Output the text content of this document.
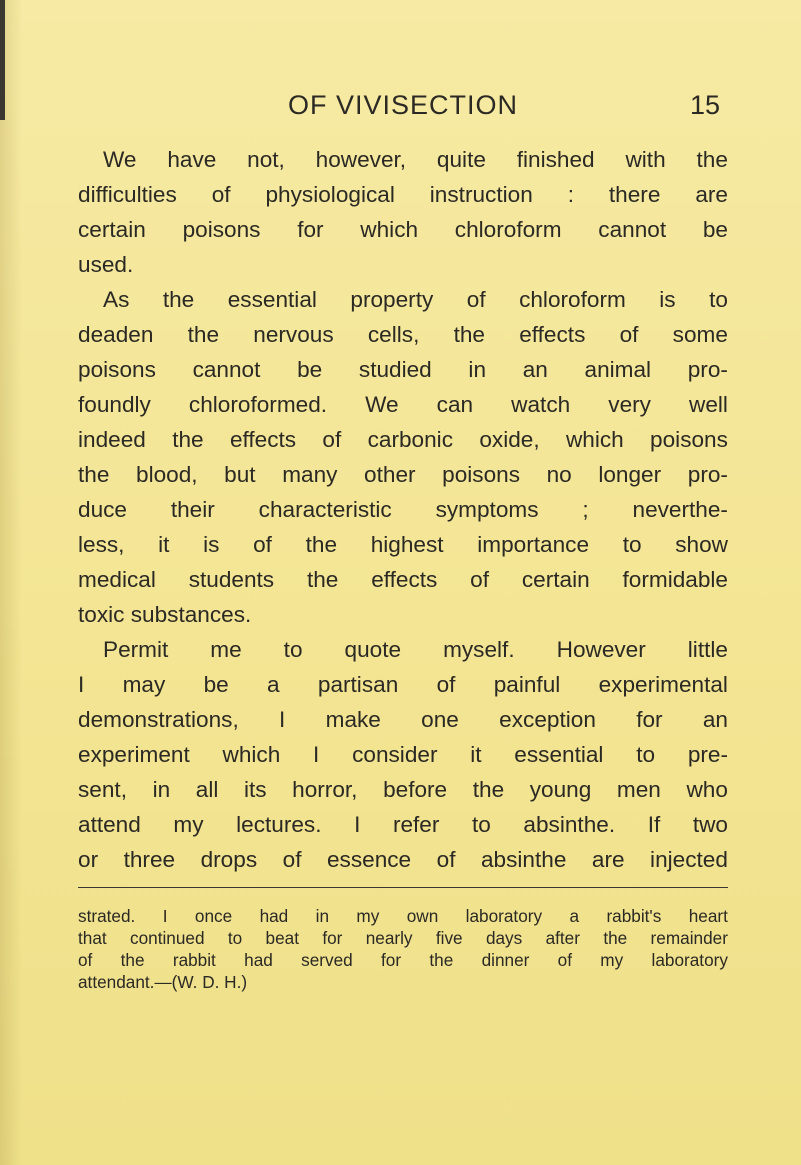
OF VIVISECTION	15
We have not, however, quite finished with the
difficulties of physiological instruction : there are
certain poisons for which chloroform cannot be
used.
As the essential property of chloroform is to
deaden the nervous cells, the effects of some
poisons cannot be studied in an animal pro-
foundly chloroformed. We can watch very well
indeed the effects of carbonic oxide, which poisons
the blood, but many other poisons no longer pro-
duce their characteristic symptoms ; neverthe-
less, it is of the highest importance to show
medical students the effects of certain formidable
toxic substances.
Permit me to quote myself. However little
I may be a partisan of painful experimental
demonstrations, I make one exception for an
experiment which I consider it essential to pre-
sent, in all its horror, before the young men who
attend my lectures. I refer to absinthe. If two
or three drops of essence of absinthe are injected
strated. I once had in my own laboratory a rabbit's heart
that continued to beat for nearly five days after the remainder
of the rabbit had served for the dinner of my laboratory
attendant.—(W. D. H.)
